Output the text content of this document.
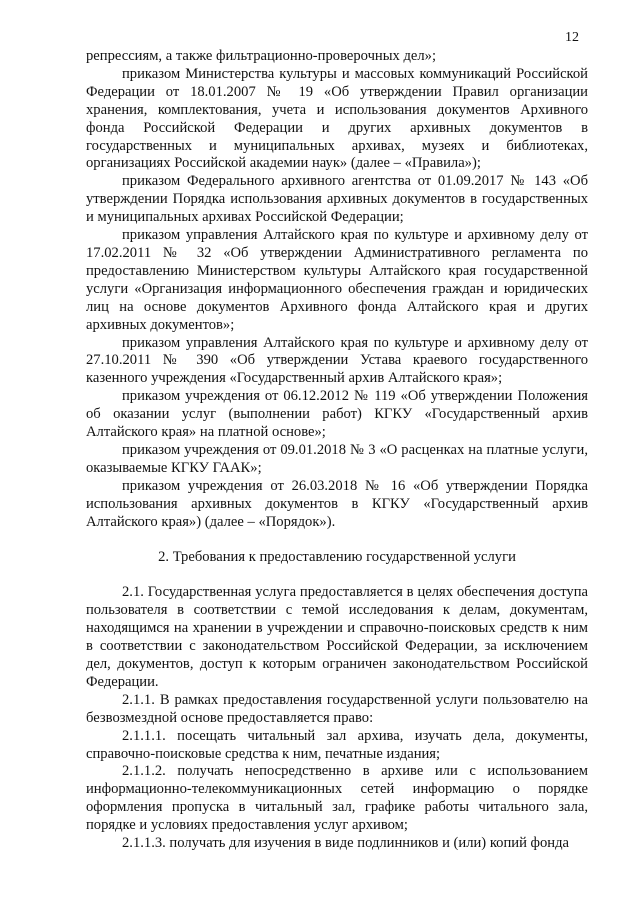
12

репрессиям, а также фильтрационно-проверочных дел»;

приказом Министерства культуры и массовых коммуникаций Российской Федерации от 18.01.2007 № 19 «Об утверждении Правил организации хранения, комплектования, учета и использования документов Архивного фонда Российской Федерации и других архивных документов в государственных и муниципальных архивах, музеях и библиотеках, организациях Российской академии наук» (далее – «Правила»);

приказом Федерального архивного агентства от 01.09.2017 № 143 «Об утверждении Порядка использования архивных документов в государственных и муниципальных архивах Российской Федерации;

приказом управления Алтайского края по культуре и архивному делу от 17.02.2011 № 32 «Об утверждении Административного регламента по предоставлению Министерством культуры Алтайского края государственной услуги «Организация информационного обеспечения граждан и юридических лиц на основе документов Архивного фонда Алтайского края и других архивных документов»;

приказом управления Алтайского края по культуре и архивному делу от 27.10.2011 № 390 «Об утверждении Устава краевого государственного казенного учреждения «Государственный архив Алтайского края»;

приказом учреждения от 06.12.2012 № 119 «Об утверждении Положения об оказании услуг (выполнении работ) КГКУ «Государственный архив Алтайского края» на платной основе»;

приказом учреждения от 09.01.2018 № 3 «О расценках на платные услуги, оказываемые КГКУ ГААК»;

приказом учреждения от 26.03.2018 № 16 «Об утверждении Порядка использования архивных документов в КГКУ «Государственный архив Алтайского края») (далее – «Порядок»).

2. Требования к предоставлению государственной услуги

2.1. Государственная услуга предоставляется в целях обеспечения доступа пользователя в соответствии с темой исследования к делам, документам, находящимся на хранении в учреждении и справочно-поисковых средств к ним в соответствии с законодательством Российской Федерации, за исключением дел, документов, доступ к которым ограничен законодательством Российской Федерации.

2.1.1. В рамках предоставления государственной услуги пользователю на безвозмездной основе предоставляется право:

2.1.1.1. посещать читальный зал архива, изучать дела, документы, справочно-поисковые средства к ним, печатные издания;

2.1.1.2. получать непосредственно в архиве или с использованием информационно-телекоммуникационных сетей информацию о порядке оформления пропуска в читальный зал, графике работы читального зала, порядке и условиях предоставления услуг архивом;

2.1.1.3. получать для изучения в виде подлинников и (или) копий фонда
